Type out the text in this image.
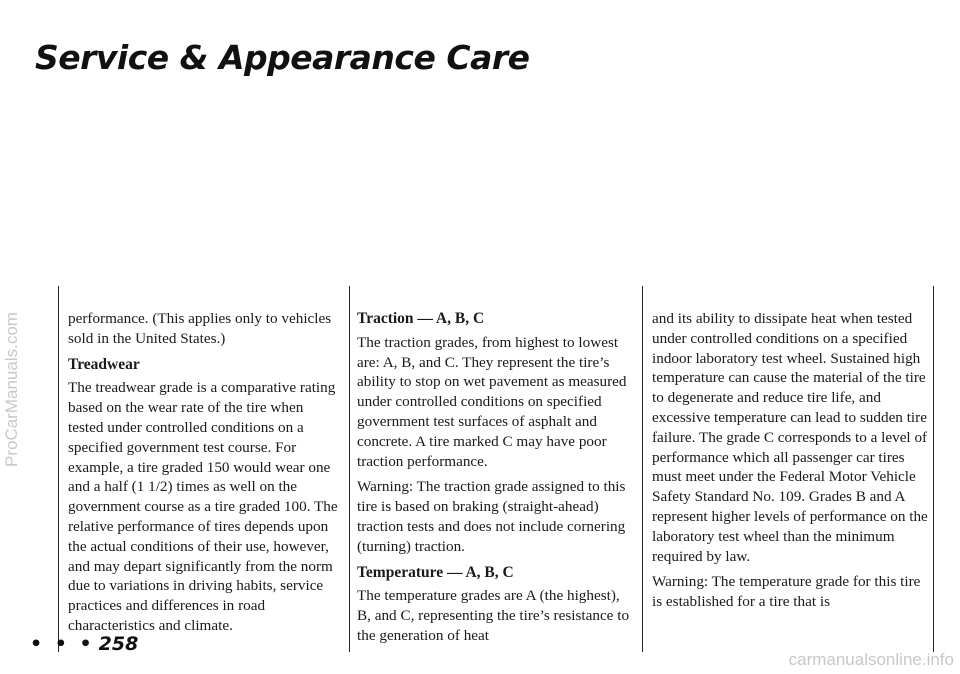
Service & Appearance Care
ProCarManuals.com	performance. (This applies only to vehicles sold in the United States.)

Treadwear

The treadwear grade is a comparative rating based on the wear rate of the tire when tested under controlled conditions on a specified government test course. For example, a tire graded 150 would wear one and a half (1 1/2) times as well on the government course as a tire graded 100. The relative performance of tires depends upon the actual conditions of their use, however, and may depart significantly from the norm due to variations in driving habits, service practices and differences in road characteristics and climate.

Traction — A, B, C

The traction grades, from highest to lowest are: A, B, and C. They represent the tire’s ability to stop on wet pavement as measured under controlled conditions on specified government test surfaces of asphalt and concrete. A tire marked C may have poor traction performance.

Warning: The traction grade assigned to this tire is based on braking (straight-ahead) traction tests and does not include cornering (turning) traction.

Temperature — A, B, C

The temperature grades are A (the highest), B, and C, representing the tire’s resistance to the generation of heat

and its ability to dissipate heat when tested under controlled conditions on a specified indoor laboratory test wheel. Sustained high temperature can cause the material of the tire to degenerate and reduce tire life, and excessive temperature can lead to sudden tire failure. The grade C corresponds to a level of performance which all passenger car tires must meet under the Federal Motor Vehicle Safety Standard No. 109. Grades B and A represent higher levels of performance on the laboratory test wheel than the minimum required by law.

Warning: The temperature grade for this tire is established for a tire that is

• • • 258
carmanualsonline.info
